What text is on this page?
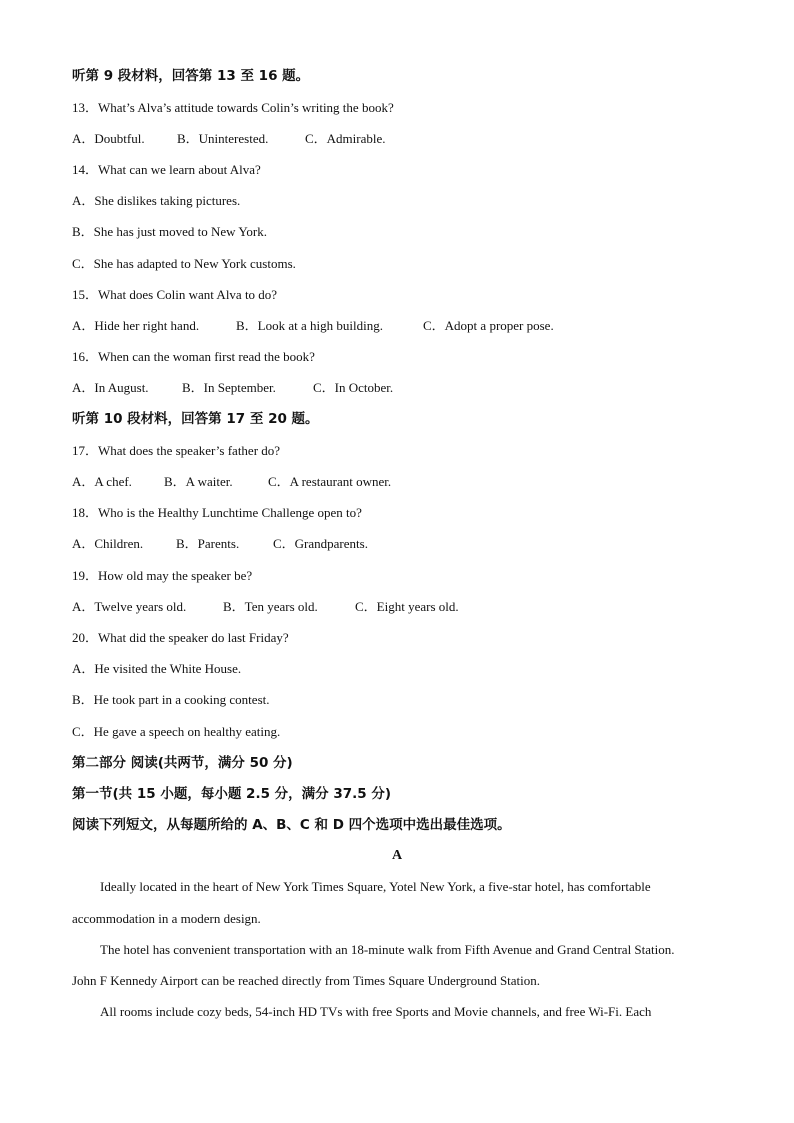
听第 9 段材料，回答第 13 至 16 题。
13．What’s Alva’s attitude towards Colin’s writing the book?
A．Doubtful. B．Uninterested.	C．Admirable.
14．What can we learn about Alva?
A．She dislikes taking pictures.
B．She has just moved to New York.
C．She has adapted to New York customs.
15．What does Colin want Alva to do?
A．Hide her right hand.	B．Look at a high building.	C．Adopt a proper pose.
16．When can the woman first read the book?
A．In August.	B．In September.	C．In October.
听第 10 段材料，回答第 17 至 20 题。
17．What does the speaker’s father do?
A．A chef. B．A waiter.	C．A restaurant owner.
18．Who is the Healthy Lunchtime Challenge open to?
A．Children.	B．Parents.	C．Grandparents.
19．How old may the speaker be?
A．Twelve years old.	B．Ten years old.	C．Eight years old.
20．What did the speaker do last Friday?
A．He visited the White House.
B．He took part in a cooking contest.
C．He gave a speech on healthy eating.
第二部分 阅读(共两节，满分 50 分)
第一节(共 15 小题，每小题 2.5 分，满分 37.5 分)
阅读下列短文，从每题所给的 A、B、C 和 D 四个选项中选出最佳选项。
A
Ideally located in the heart of New York Times Square, Yotel New York, a five-star hotel, has comfortable
accommodation in a modern design.
The hotel has convenient transportation with an 18-minute walk from Fifth Avenue and Grand Central Station.
John F Kennedy Airport can be reached directly from Times Square Underground Station.
All rooms include cozy beds, 54-inch HD TVs with free Sports and Movie channels, and free Wi-Fi. Each
